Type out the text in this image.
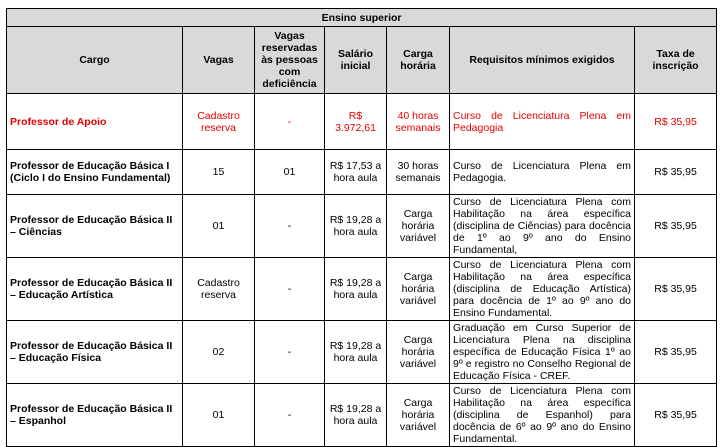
Ensino superior						
Cargo	Vagas	Vagas reservadas às pessoas com deficiência	Salário inicial	Carga horária	Requisitos mínimos exigidos	Taxa de inscrição
Professor de Apoio	Cadastro reserva	-	R$ 3.972,61	40 horas semanais	Curso de Licenciatura Plena em Pedagogia	R$ 35,95
Professor de Educação Básica I (Ciclo I do Ensino Fundamental)	15	01	R$ 17,53 a hora aula	30 horas semanais	Curso de Licenciatura Plena em Pedagogia.	R$ 35,95
Professor de Educação Básica II – Ciências	01	-	R$ 19,28 a hora aula	Carga horária variável	Curso de Licenciatura Plena com Habilitação na área específica (disciplina de Ciências) para docência de 1º ao 9º ano do Ensino Fundamental,	R$ 35,95
Professor de Educação Básica II – Educação Artística	Cadastro reserva	-	R$ 19,28 a hora aula	Carga horária variável	Curso de Licenciatura Plena com Habilitação na área específica (disciplina de Educação Artística) para docência de 1º ao 9º ano do Ensino Fundamental.	R$ 35,95
Professor de Educação Básica II – Educação Física	02	-	R$ 19,28 a hora aula	Carga horária variável	Graduação em Curso Superior de Licenciatura Plena na disciplina específica de Educação Física 1º ao 9º e registro no Conselho Regional de Educação Física - CREF.	R$ 35,95
Professor de Educação Básica II – Espanhol	01	-	R$ 19,28 a hora aula	Carga horária variável	Curso de Licenciatura Plena com Habilitação na área específica (disciplina de Espanhol) para docência de 6º ao 9º ano do Ensino Fundamental.	R$ 35,95
